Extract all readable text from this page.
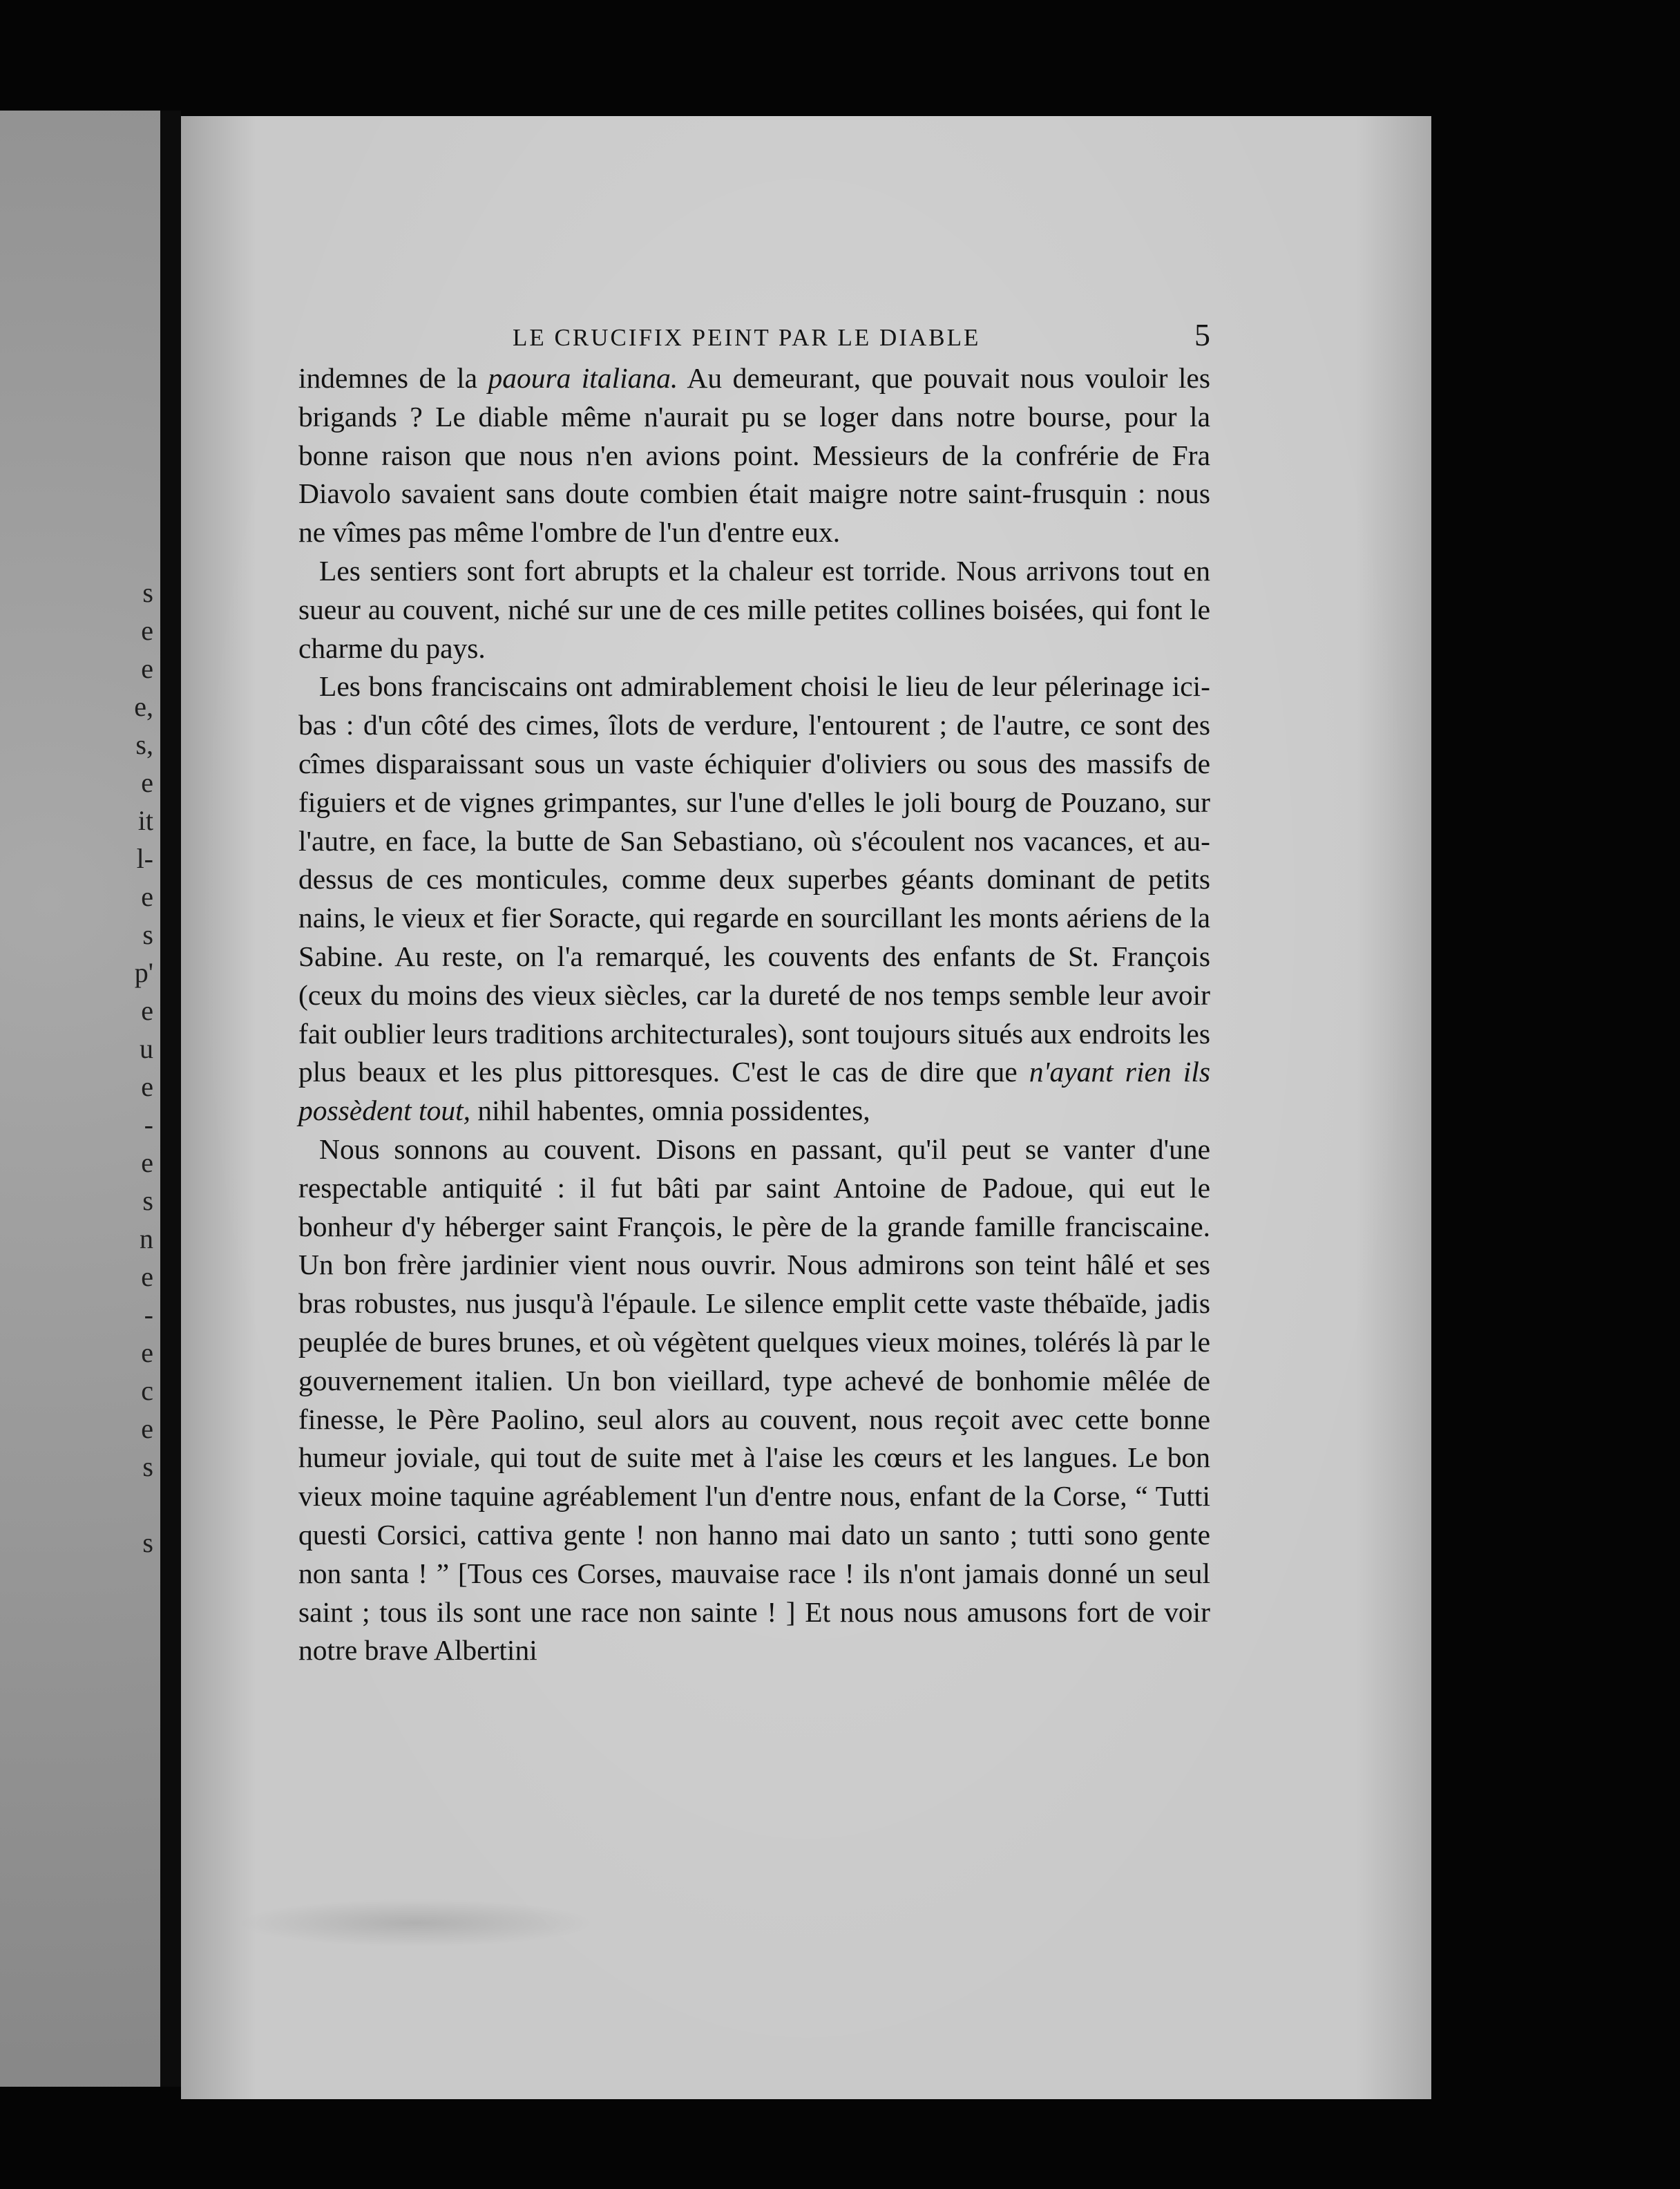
s
e
e
e,
s,
e
it
l-
e
s
p'
e
u
e
-
e
s
n
e
-
e
c
e
s
s
LE CRUCIFIX PEINT PAR LE DIABLE	5

indemnes de la paoura italiana. Au demeurant, que pouvait nous vouloir les brigands ? Le diable même n'aurait pu se loger dans notre bourse, pour la bonne raison que nous n'en avions point. Messieurs de la confrérie de Fra Diavolo savaient sans doute combien était maigre notre saint-frusquin : nous ne vîmes pas même l'ombre de l'un d'entre eux.

Les sentiers sont fort abrupts et la chaleur est torride. Nous arrivons tout en sueur au couvent, niché sur une de ces mille petites collines boisées, qui font le charme du pays.

Les bons franciscains ont admirablement choisi le lieu de leur pélerinage ici-bas : d'un côté des cimes, îlots de verdure, l'entourent ; de l'autre, ce sont des cîmes disparaissant sous un vaste échiquier d'oliviers ou sous des massifs de figuiers et de vignes grimpantes, sur l'une d'elles le joli bourg de Pouzano, sur l'autre, en face, la butte de San Sebastiano, où s'écoulent nos vacances, et au-dessus de ces monticules, comme deux superbes géants dominant de petits nains, le vieux et fier Soracte, qui regarde en sourcillant les monts aériens de la Sabine. Au reste, on l'a remarqué, les couvents des enfants de St. François (ceux du moins des vieux siècles, car la dureté de nos temps semble leur avoir fait oublier leurs traditions architecturales), sont toujours situés aux endroits les plus beaux et les plus pittoresques. C'est le cas de dire que n'ayant rien ils possèdent tout, nihil habentes, omnia possidentes,

Nous sonnons au couvent. Disons en passant, qu'il peut se vanter d'une respectable antiquité : il fut bâti par saint Antoine de Padoue, qui eut le bonheur d'y héberger saint François, le père de la grande famille franciscaine. Un bon frère jardinier vient nous ouvrir. Nous admirons son teint hâlé et ses bras robustes, nus jusqu'à l'épaule. Le silence emplit cette vaste thébaïde, jadis peuplée de bures brunes, et où végètent quelques vieux moines, tolérés là par le gouvernement italien. Un bon vieillard, type achevé de bonhomie mêlée de finesse, le Père Paolino, seul alors au couvent, nous reçoit avec cette bonne humeur joviale, qui tout de suite met à l'aise les cœurs et les langues. Le bon vieux moine taquine agréablement l'un d'entre nous, enfant de la Corse, “ Tutti questi Corsici, cattiva gente ! non hanno mai dato un santo ; tutti sono gente non santa ! ” [Tous ces Corses, mauvaise race ! ils n'ont jamais donné un seul saint ; tous ils sont une race non sainte ! ] Et nous nous amusons fort de voir notre brave Albertini
